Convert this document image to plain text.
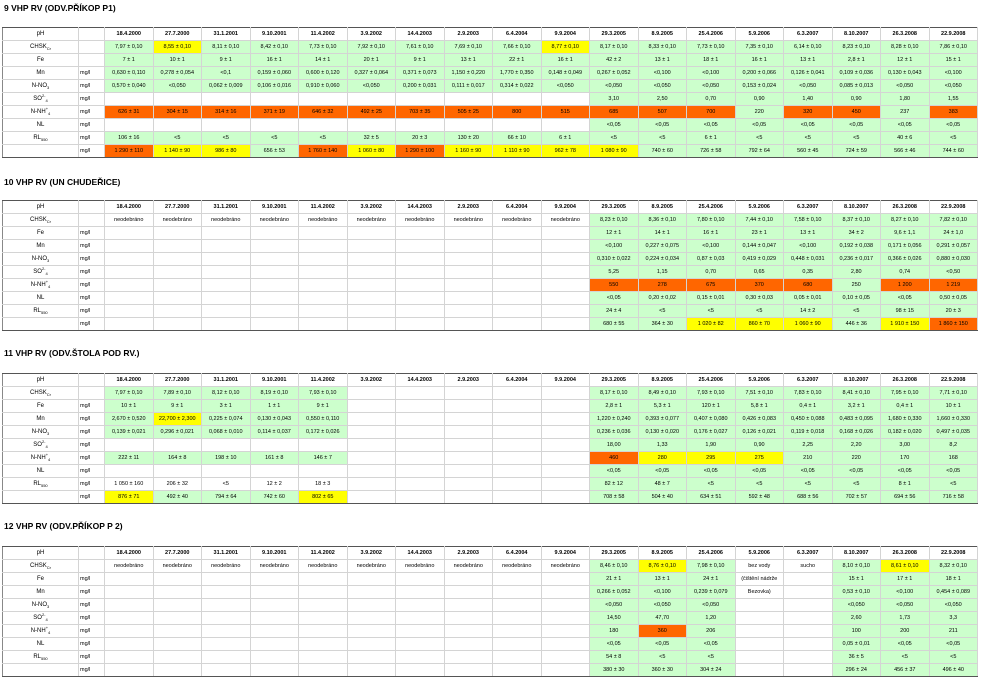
9 VHP RV (ODV.PŘÍKOP P1)
pH		18.4.2000	27.7.2000	31.1.2001	9.10.2001	11.4.2002	3.9.2002	14.4.2003	2.9.2003	6.4.2004	9.9.2004	29.3.2005	8.9.2005	25.4.2006	5.9.2006	6.3.2007	8.10.2007	26.3.2008	22.9.2008
$CHSK_{Cr}$		7,97 ± 0,10	8,55 ± 0,10	8,11 ± 0,10	8,42 ± 0,10	7,73 ± 0,10	7,92 ± 0,10	7,61 ± 0,10	7,69 ± 0,10	7,66 ± 0,10	8,77 ± 0,10	8,17 ± 0,10	8,33 ± 0,10	7,73 ± 0,10	7,35 ± 0,10	6,14 ± 0,10	8,23 ± 0,10	8,28 ± 0,10	7,86 ± 0,10
Fe		7 ± 1	10 ± 1	9 ± 1	16 ± 1	14 ± 1	20 ± 1	9 ± 1	13 ± 1	22 ± 1	16 ± 1	42 ± 2	13 ± 1	18 ± 1	16 ± 1	13 ± 1	2,8 ± 1	12 ± 1	15 ± 1
Mn	mg/l	0,630 ± 0,110	0,278 ± 0,054	<0,1	0,159 ± 0,060	0,600 ± 0,120	0,327 ± 0,064	0,371 ± 0,073	1,150 ± 0,220	1,770 ± 0,350	0,148 ± 0,049	0,267 ± 0,052	<0,100	<0,100	0,200 ± 0,066	0,126 ± 0,041	0,109 ± 0,036	0,130 ± 0,043	<0,100
$N-NO_3$	mg/l	0,570 ± 0,040	<0,050	0,062 ± 0,009	0,106 ± 0,016	0,910 ± 0,060	<0,050	0,200 ± 0,031	0,111 ± 0,017	0,314 ± 0,022	<0,050	<0,050	<0,050	<0,050	0,153 ± 0,024	<0,050	0,085 ± 0,013	<0,050	<0,050
$SO^{2-}_4$	mg/l											3,10	2,50	0,70	0,90	1,40	0,90	1,80	1,55
$N-NH^+_4$	mg/l	626 ± 31	304 ± 15	314 ± 16	371 ± 19	646 ± 32	492 ± 25	703 ± 35	505 ± 25	800	515	685	507	700	220	320	450	237	383
NL	mg/l											<0,05	<0,05	<0,05	<0,05	<0,05	<0,05	<0,05	<0,05
$RL_{550}$	mg/l	106 ± 16	<5	<5	<5	<5	32 ± 5	20 ± 3	130 ± 20	66 ± 10	6 ± 1	<5	<5	6 ± 1	<5	<5	<5	40 ± 6	<5
	mg/l	1 290 ± 110	1 140 ± 90	986 ± 80	656 ± 53	1 760 ± 140	1 060 ± 80	1 290 ± 100	1 160 ± 90	1 110 ± 90	962 ± 78	1 080 ± 90	740 ± 60	726 ± 58	792 ± 64	560 ± 45	724 ± 59	566 ± 46	744 ± 60
10 VHP RV (UN CHUDEŘICE)
pH		18.4.2000	27.7.2000	31.1.2001	9.10.2001	11.4.2002	3.9.2002	14.4.2003	2.9.2003	6.4.2004	9.9.2004	29.3.2005	8.9.2005	25.4.2006	5.9.2006	6.3.2007	8.10.2007	26.3.2008	22.9.2008
$CHSK_{Cr}$		neodebráno	neodebráno	neodebráno	neodebráno	neodebráno	neodebráno	neodebráno	neodebráno	neodebráno	neodebráno	8,23 ± 0,10	8,36 ± 0,10	7,80 ± 0,10	7,44 ± 0,10	7,58 ± 0,10	8,37 ± 0,10	8,27 ± 0,10	7,82 ± 0,10
Fe	mg/l											12 ± 1	14 ± 1	16 ± 1	23 ± 1	13 ± 1	34 ± 2	9,6 ± 1,1	24 ± 1,0
Mn	mg/l											<0,100	0,227 ± 0,075	<0,100	0,144 ± 0,047	<0,100	0,192 ± 0,038	0,171 ± 0,056	0,291 ± 0,057
$N-NO_3$	mg/l											0,310 ± 0,022	0,224 ± 0,034	0,87 ± 0,03	0,419 ± 0,029	0,448 ± 0,031	0,236 ± 0,017	0,366 ± 0,026	0,880 ± 0,030
$SO^{2-}_4$	mg/l											5,25	1,15	0,70	0,65	0,35	2,80	0,74	<0,50
$N-NH^+_4$	mg/l											550	278	675	370	680	250	1 200	1 219
NL	mg/l											<0,05	0,20 ± 0,02	0,15 ± 0,01	0,30 ± 0,03	0,05 ± 0,01	0,10 ± 0,05	<0,05	0,50 ± 0,05
$RL_{550}$	mg/l											24 ± 4	<5	<5	<5	14 ± 2	<5	98 ± 15	20 ± 3
	mg/l											680 ± 55	364 ± 30	1 020 ± 82	860 ± 70	1 060 ± 90	446 ± 36	1 910 ± 150	1 860 ± 150
11 VHP RV (ODV.ŠTOLA POD RV.)
pH		18.4.2000	27.7.2000	31.1.2001	9.10.2001	11.4.2002	3.9.2002	14.4.2003	2.9.2003	6.4.2004	9.9.2004	29.3.2005	8.9.2005	25.4.2006	5.9.2006	6.3.2007	8.10.2007	26.3.2008	22.9.2008
$CHSK_{Cr}$		7,97 ± 0,10	7,89 ± 0,10	8,12 ± 0,10	8,19 ± 0,10	7,93 ± 0,10						8,17 ± 0,10	8,49 ± 0,10	7,93 ± 0,10	7,51 ± 0,10	7,83 ± 0,10	8,41 ± 0,10	7,95 ± 0,10	7,71 ± 0,10
Fe	mg/l	10 ± 1	9 ± 1	3 ± 1	1 ± 1	9 ± 1						2,8 ± 1	5,3 ± 1	120 ± 1	5,8 ± 1	0,4 ± 1	3,2 ± 1	0,4 ± 1	10 ± 1
Mn	mg/l	2,670 ± 0,520	22,700 ± 2,300	0,225 ± 0,074	0,130 ± 0,043	0,550 ± 0,110						1,220 ± 0,240	0,393 ± 0,077	0,407 ± 0,080	0,426 ± 0,083	0,450 ± 0,088	0,483 ± 0,095	1,680 ± 0,330	1,660 ± 0,330
$N-NO_3$	mg/l	0,139 ± 0,021	0,296 ± 0,021	0,068 ± 0,010	0,114 ± 0,037	0,172 ± 0,026						0,236 ± 0,036	0,130 ± 0,020	0,176 ± 0,027	0,126 ± 0,021	0,119 ± 0,018	0,168 ± 0,026	0,182 ± 0,020	0,497 ± 0,035
$SO^{2-}_4$	mg/l											18,00	1,33	1,90	0,90	2,25	2,20	3,00	8,2
$N-NH^+_4$	mg/l	222 ± 11	164 ± 8	198 ± 10	161 ± 8	146 ± 7						460	280	295	275	210	220	170	168
NL	mg/l											<0,05	<0,05	<0,05	<0,05	<0,05	<0,05	<0,05	<0,05
$RL_{550}$	mg/l	1 050 ± 160	206 ± 32	<5	12 ± 2	18 ± 3						82 ± 12	48 ± 7	<5	<5	<5	<5	8 ± 1	<5
	mg/l	876 ± 71	492 ± 40	794 ± 64	742 ± 60	802 ± 65						708 ± 58	504 ± 40	634 ± 51	592 ± 48	688 ± 56	702 ± 57	694 ± 56	716 ± 58
12 VHP RV (ODV.PŘÍKOP P 2)
pH		18.4.2000	27.7.2000	31.1.2001	9.10.2001	11.4.2002	3.9.2002	14.4.2003	2.9.2003	6.4.2004	9.9.2004	29.3.2005	8.9.2005	25.4.2006	5.9.2006	6.3.2007	8.10.2007	26.3.2008	22.9.2008
$CHSK_{Cr}$		neodebráno	neodebráno	neodebráno	neodebráno	neodebráno	neodebráno	neodebráno	neodebráno	neodebráno	neodebráno	8,46 ± 0,10	8,76 ± 0,10	7,98 ± 0,10	bez vody	sucho	8,10 ± 0,10	8,61 ± 0,10	8,32 ± 0,10
Fe	mg/l											21 ± 1	13 ± 1	24 ± 1	(čištění nádrže		15 ± 1	17 ± 1	18 ± 1
Mn	mg/l											0,266 ± 0,052	<0,100	0,239 ± 0,079	Bezovka)		0,53 ± 0,10	<0,100	0,454 ± 0,089
$N-NO_3$	mg/l											<0,050	<0,050	<0,050			<0,050	<0,050	<0,050
$SO^{2-}_4$	mg/l											14,50	47,70	1,20			2,60	1,73	3,3
$N-NH^+_4$	mg/l											180	360	206			100	200	211
NL	mg/l											<0,05	<0,05	<0,05			0,05 ± 0,01	<0,05	<0,05
$RL_{550}$	mg/l											54 ± 8	<5	<5			36 ± 5	<5	<5
	mg/l											380 ± 30	360 ± 30	304 ± 24			296 ± 24	456 ± 37	496 ± 40
